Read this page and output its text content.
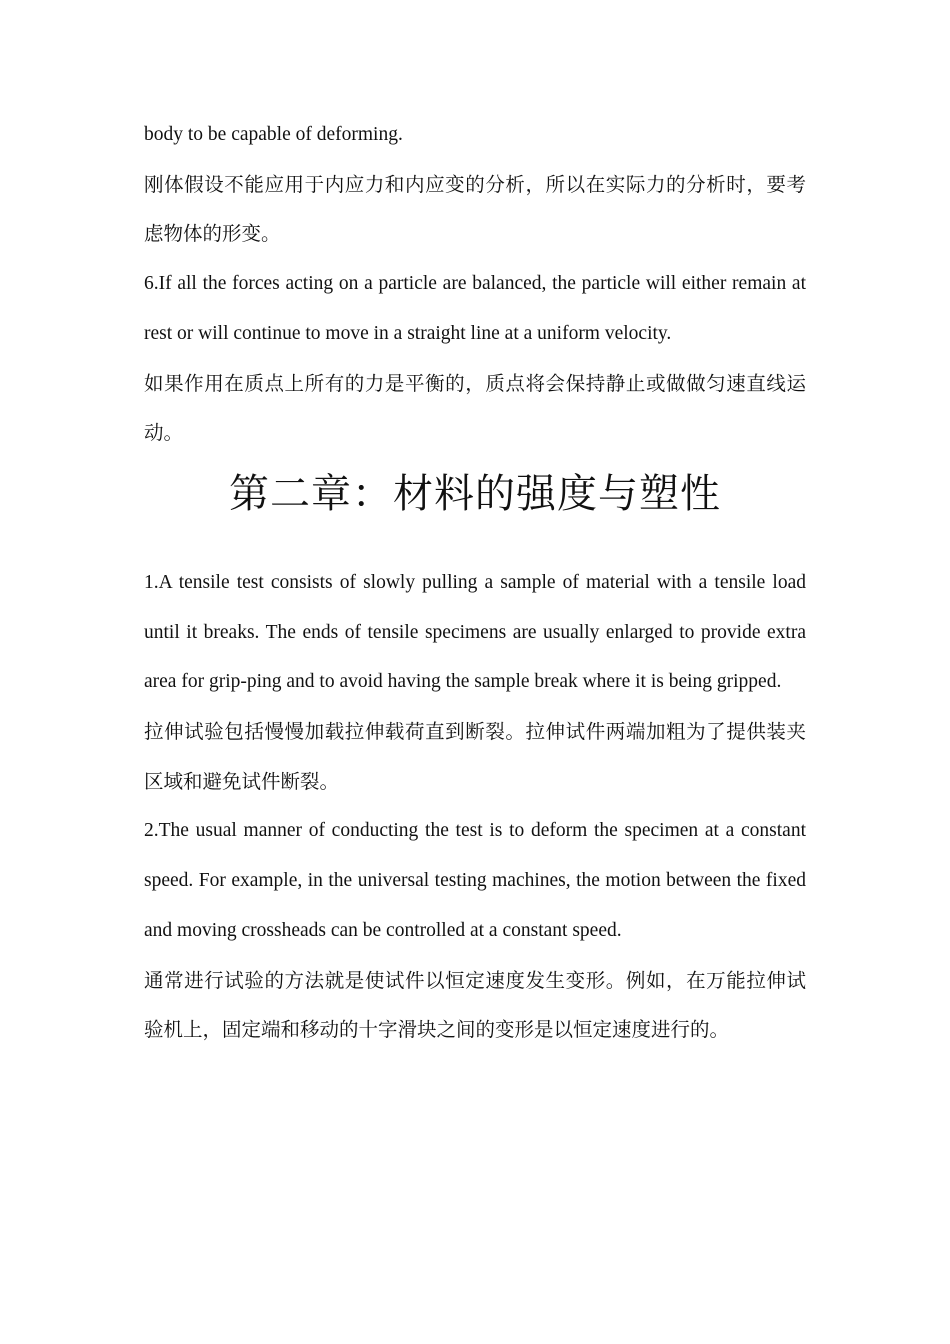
body to be capable of deforming.

刚体假设不能应用于内应力和内应变的分析，所以在实际力的分析时，要考虑物体的形变。

6.If all the forces acting on a particle are balanced, the particle will either remain at rest or will continue to move in a straight line at a uniform velocity.

如果作用在质点上所有的力是平衡的，质点将会保持静止或做做匀速直线运动。

第二章：材料的强度与塑性

1.A tensile test consists of slowly pulling a sample of material with a tensile load until it breaks. The ends of tensile specimens are usually enlarged to provide extra area for grip-ping and to avoid having the sample break where it is being gripped.

拉伸试验包括慢慢加载拉伸载荷直到断裂。拉伸试件两端加粗为了提供装夹区域和避免试件断裂。

2.The usual manner of conducting the test is to deform the specimen at a constant speed. For example, in the universal testing machines, the motion between the fixed and moving crossheads can be controlled at a constant speed.

通常进行试验的方法就是使试件以恒定速度发生变形。例如，在万能拉伸试验机上，固定端和移动的十字滑块之间的变形是以恒定速度进行的。
